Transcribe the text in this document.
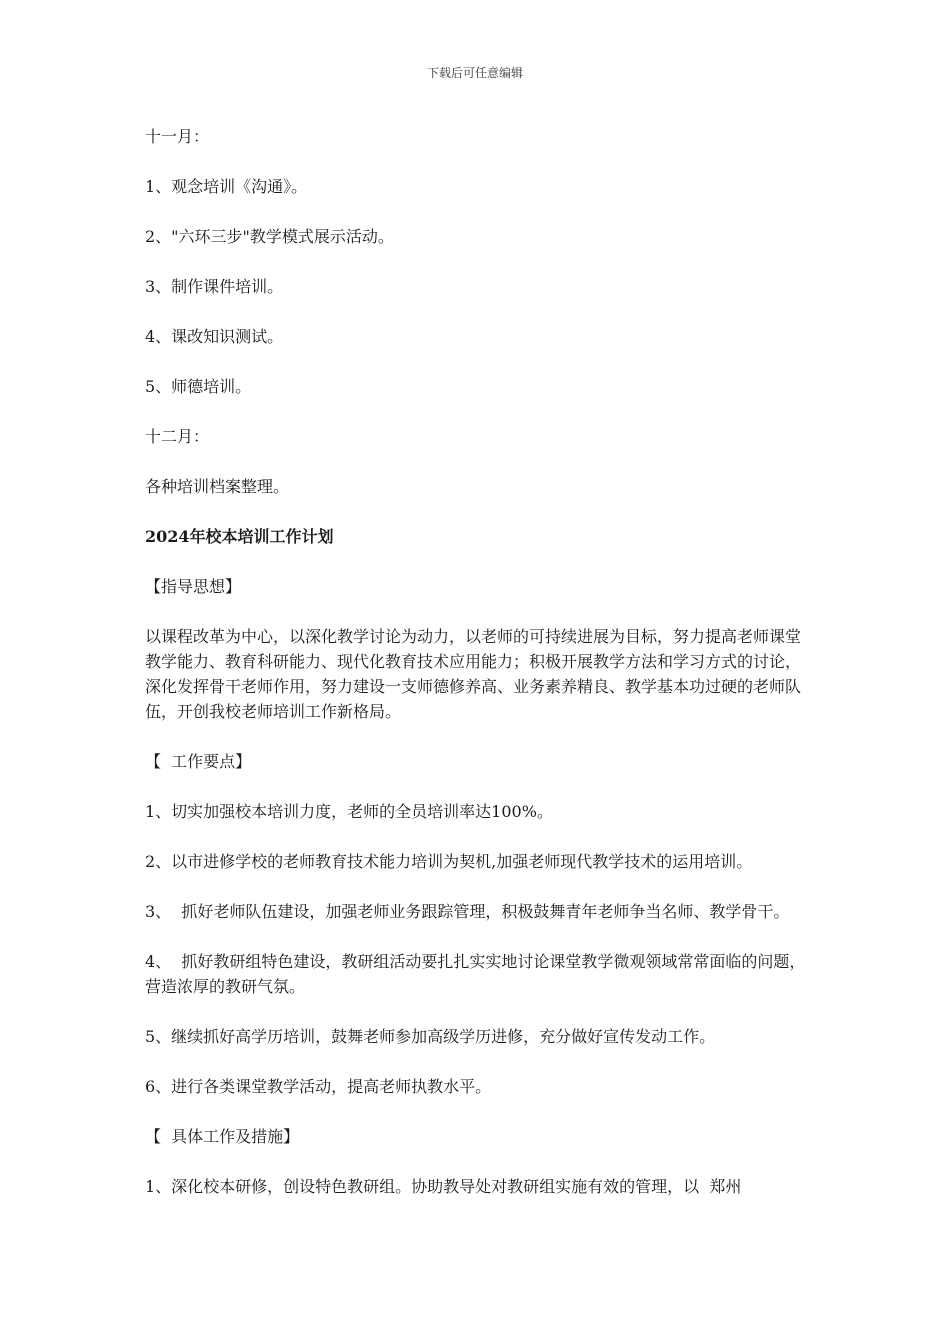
下载后可任意编辑

十一月：

1、观念培训《沟通》。

2、"六环三步"教学模式展示活动。

3、制作课件培训。

4、课改知识测试。

5、师德培训。

十二月：

各种培训档案整理。

2024年校本培训工作计划

【指导思想】

以课程改革为中心，以深化教学讨论为动力，以老师的可持续进展为目标，努力提高老师课堂教学能力、教育科研能力、现代化教育技术应用能力；积极开展教学方法和学习方式的讨论，深化发挥骨干老师作用，努力建设一支师德修养高、业务素养精良、教学基本功过硬的老师队伍，开创我校老师培训工作新格局。

【  工作要点】

1、切实加强校本培训力度，老师的全员培训率达100%。

2、以市进修学校的老师教育技术能力培训为契机,加强老师现代教学技术的运用培训。

3、  抓好老师队伍建设，加强老师业务跟踪管理，积极鼓舞青年老师争当名师、教学骨干。

4、  抓好教研组特色建设，教研组活动要扎扎实实地讨论课堂教学微观领域常常面临的问题，营造浓厚的教研气氛。

5、继续抓好高学历培训，鼓舞老师参加高级学历进修，充分做好宣传发动工作。

6、进行各类课堂教学活动，提高老师执教水平。

【  具体工作及措施】

1、深化校本研修，创设特色教研组。协助教导处对教研组实施有效的管理，以  郑州
